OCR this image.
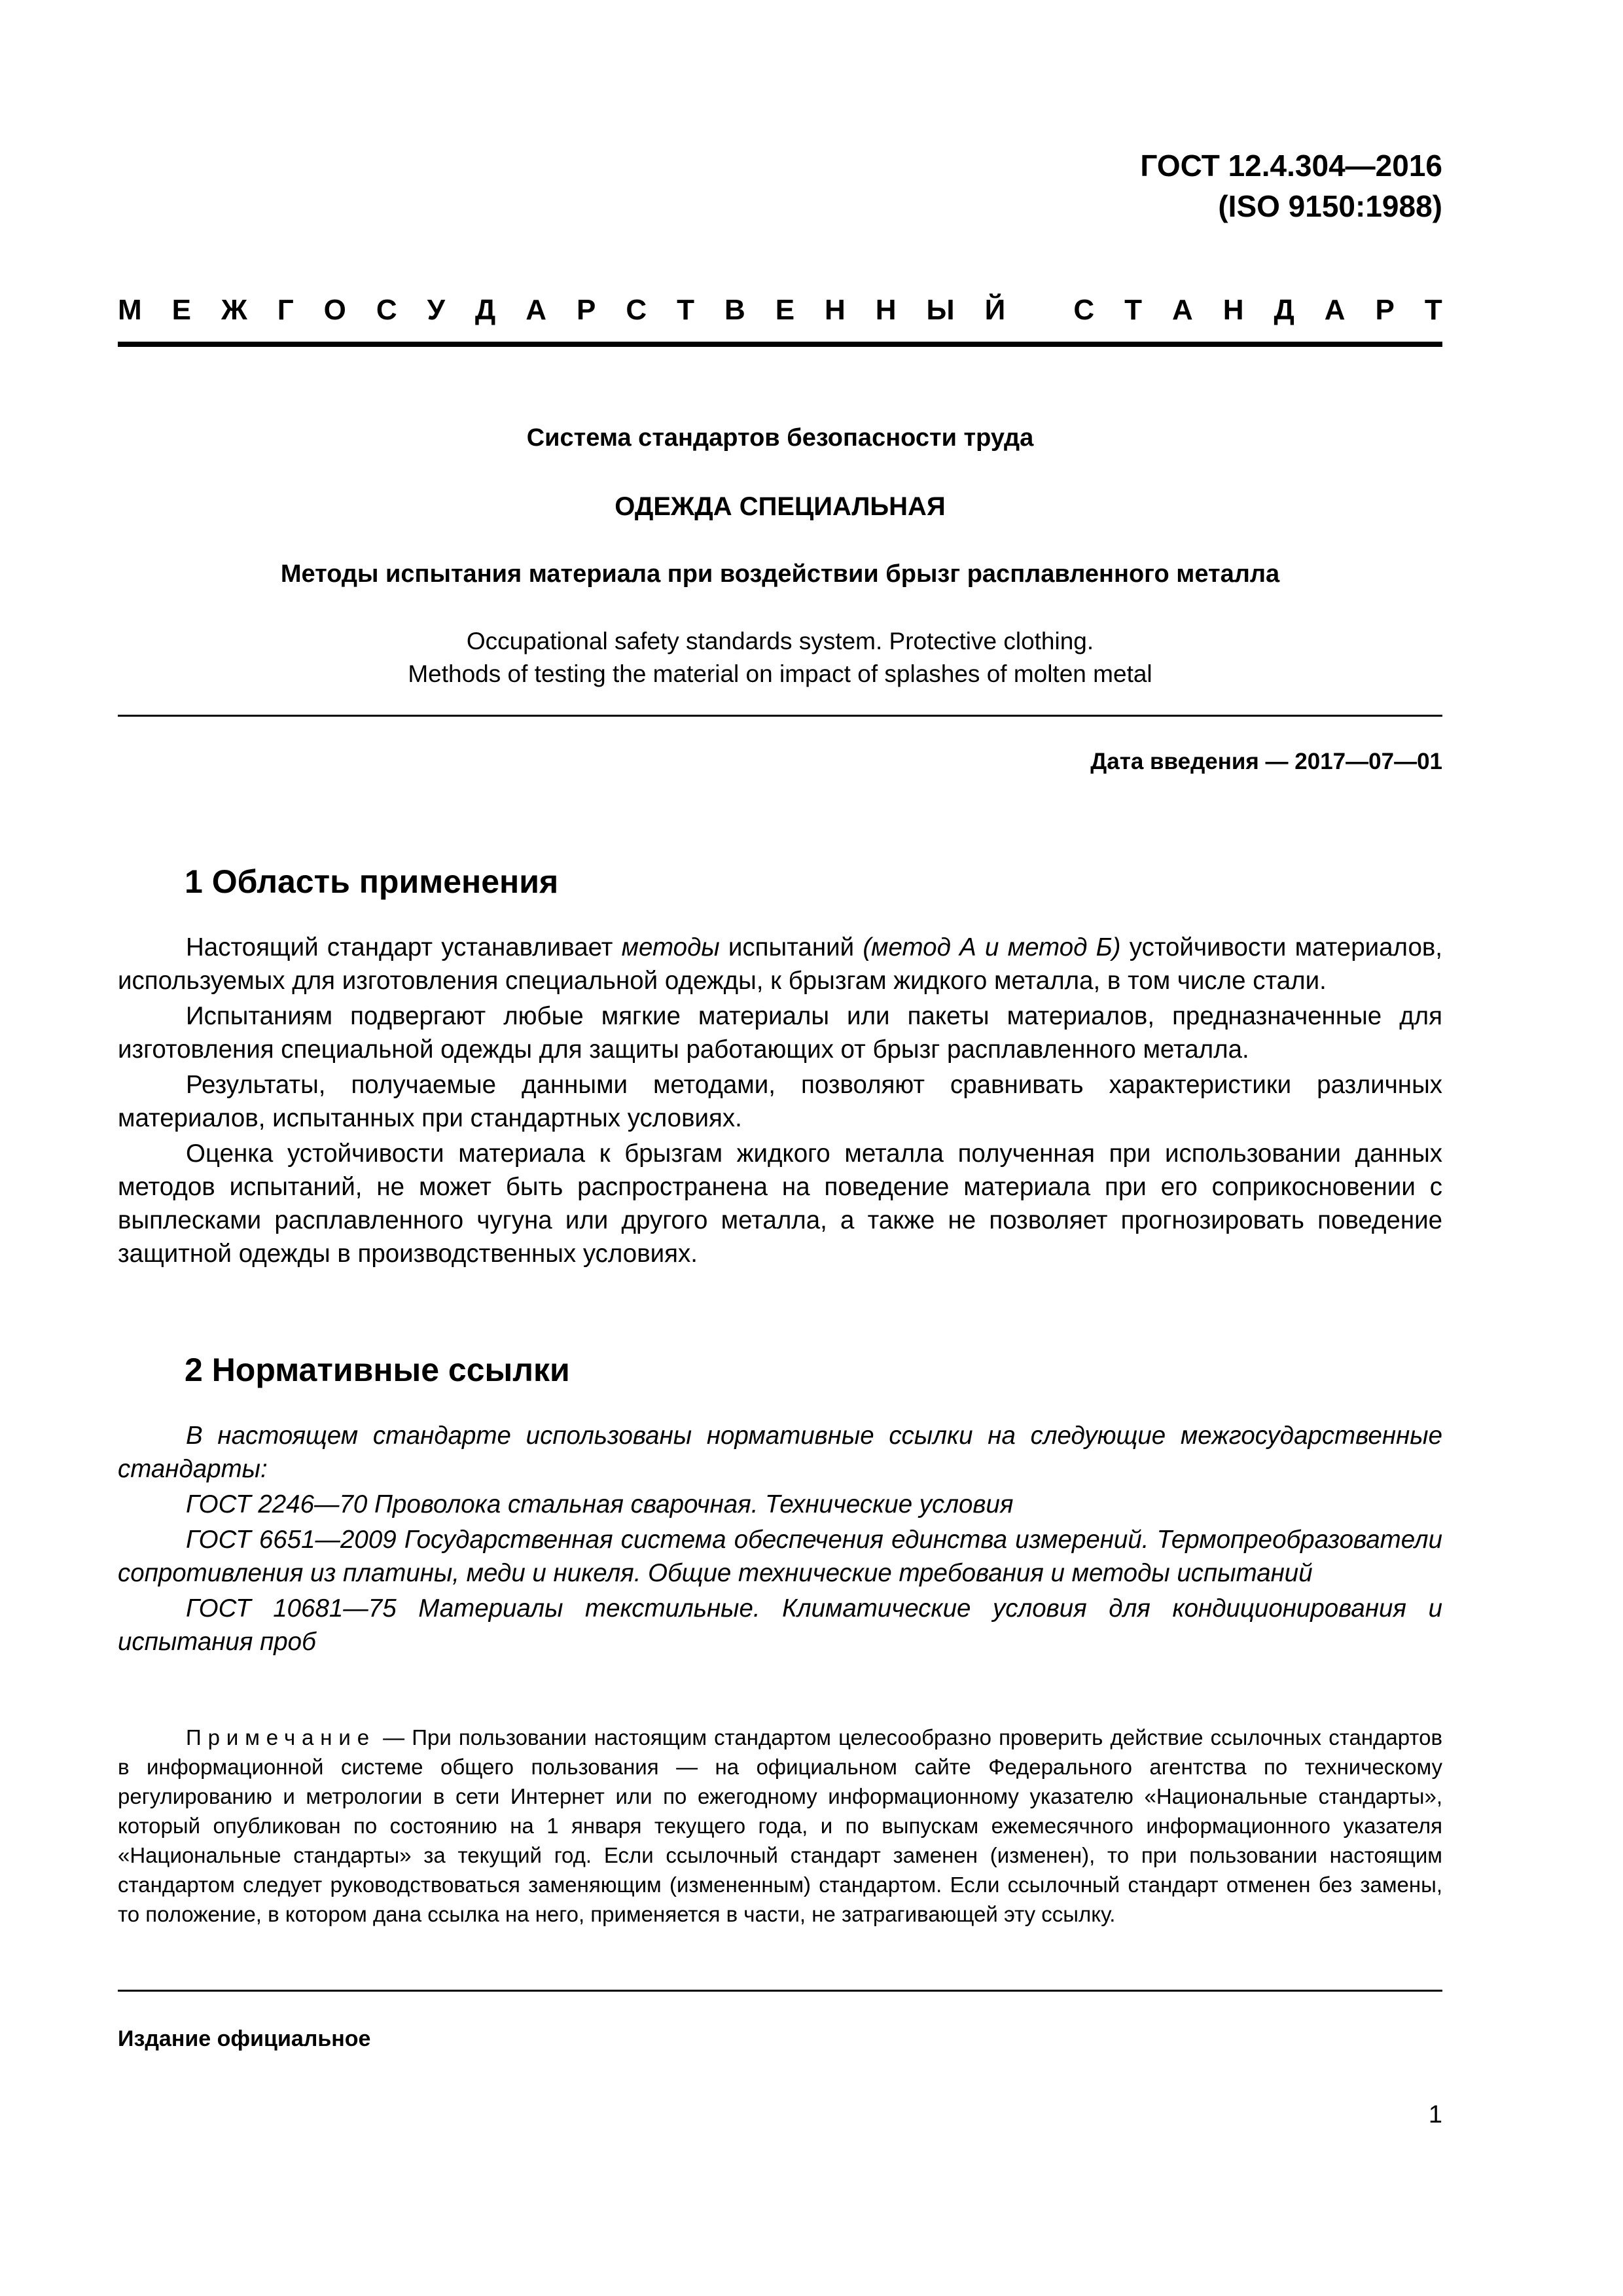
ГОСТ 12.4.304—2016
(ISO 9150:1988)
М Е Ж Г О С У Д А Р С Т В Е Н Н Ы Й
С Т А Н Д А Р Т
Система стандартов безопасности труда
ОДЕЖДА СПЕЦИАЛЬНАЯ
Методы испытания материала при воздействии брызг расплавленного металла
Occupational safety standards system. Protective clothing.
Methods of testing the material on impact of splashes of molten metal
Дата введения — 2017—07—01
1 Область применения

Настоящий стандарт устанавливает методы испытаний (метод А и метод Б) устойчивости материалов, используемых для изготовления специальной одежды, к брызгам жидкого металла, в том числе стали.

Испытаниям подвергают любые мягкие материалы или пакеты материалов, предназначенные для изготовления специальной одежды для защиты работающих от брызг расплавленного металла.

Результаты, получаемые данными методами, позволяют сравнивать характеристики различных материалов, испытанных при стандартных условиях.

Оценка устойчивости материала к брызгам жидкого металла полученная при использовании данных методов испытаний, не может быть распространена на поведение материала при его соприкосновении с выплесками расплавленного чугуна или другого металла, а также не позволяет прогнозировать поведение защитной одежды в производственных условиях.

2 Нормативные ссылки

В настоящем стандарте использованы нормативные ссылки на следующие межгосударственные стандарты:

ГОСТ 2246—70 Проволока стальная сварочная. Технические условия

ГОСТ 6651—2009 Государственная система обеспечения единства измерений. Термопреобразователи сопротивления из платины, меди и никеля. Общие технические требования и методы испытаний

ГОСТ 10681—75 Материалы текстильные. Климатические условия для кондиционирования и испытания проб

Примечание — При пользовании настоящим стандартом целесообразно проверить действие ссылочных стандартов в информационной системе общего пользования — на официальном сайте Федерального агентства по техническому регулированию и метрологии в сети Интернет или по ежегодному информационному указателю «Национальные стандарты», который опубликован по состоянию на 1 января текущего года, и по выпускам ежемесячного информационного указателя «Национальные стандарты» за текущий год. Если ссылочный стандарт заменен (изменен), то при пользовании настоящим стандартом следует руководствоваться заменяющим (измененным) стандартом. Если ссылочный стандарт отменен без замены, то положение, в котором дана ссылка на него, применяется в части, не затрагивающей эту ссылку.
Издание официальное
1
